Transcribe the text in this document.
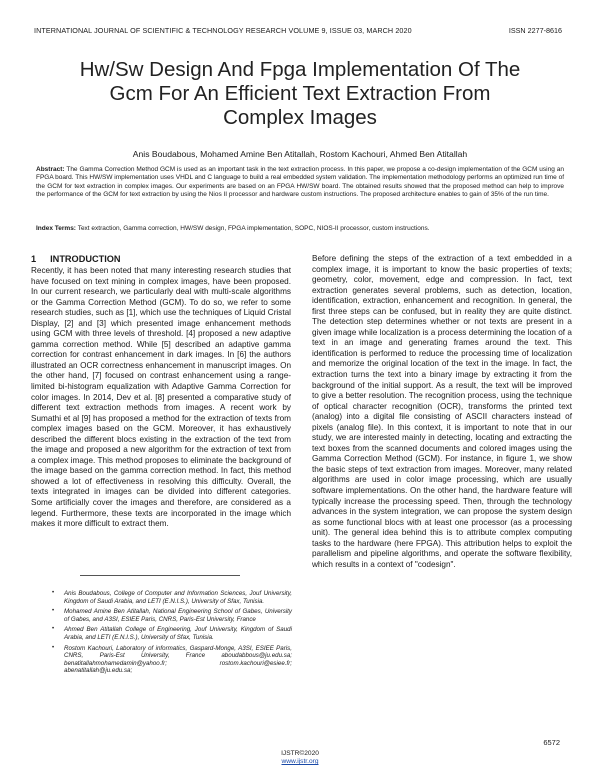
INTERNATIONAL JOURNAL OF SCIENTIFIC & TECHNOLOGY RESEARCH VOLUME 9, ISSUE 03, MARCH 2020	ISSN 2277-8616
Hw/Sw Design And Fpga Implementation Of The
Gcm For An Efficient Text Extraction From
Complex Images
Anis Boudabous, Mohamed Amine Ben Atitallah, Rostom Kachouri, Ahmed Ben Atitallah
Abstract: The Gamma Correction Method GCM is used as an important task in the text extraction process. In this paper, we propose a co-design implementation of the GCM using an FPGA board. This HW/SW implementation uses VHDL and C language to build a real embedded system validation. The implementation methodology performs an optimized run time of the GCM for text extraction in complex images. Our experiments are based on an FPGA HW/SW board. The obtained results showed that the proposed method can help to improve the performance of the GCM for text extraction by using the Nios II processor and hardware custom instructions. The proposed architecture enables to gain of 35% of the run time.
Index Terms: Text extraction, Gamma correction, HW/SW design, FPGA implementation, SOPC, NIOS-II processor, custom instructions.
1 INTRODUCTION

Recently, it has been noted that many interesting research studies that have focused on text mining in complex images, have been proposed. In our current research, we particularly deal with multi-scale algorithms or the Gamma Correction Method (GCM). To do so, we refer to some research studies, such as [1], which use the techniques of Liquid Cristal Display, [2] and [3] which presented image enhancement methods using GCM with three levels of threshold. [4] proposed a new adaptive gamma correction method. While [5] described an adaptive gamma correction for contrast enhancement in dark images. In [6] the authors illustrated an OCR correctness enhancement in manuscript images. On the other hand, [7] focused on contrast enhancement using a range-limited bi-histogram equalization with Adaptive Gamma Correction for color images. In 2014, Dev et al. [8] presented a comparative study of different text extraction methods from images. A recent work by Sumathi et al [9] has proposed a method for the extraction of texts from complex images based on the GCM. Moreover, it has exhaustively described the different blocs existing in the extraction of the text from the image and proposed a new algorithm for the extraction of text from a complex image. This method proposes to eliminate the background of the image based on the gamma correction method. In fact, this method showed a lot of effectiveness in resolving this difficulty. Overall, the texts integrated in images can be divided into different categories. Some artificially cover the images and therefore, are considered as a legend. Furthermore, these texts are incorporated in the image which makes it more difficult to extract them.

Before defining the steps of the extraction of a text embedded in a complex image, it is important to know the basic properties of texts; geometry, color, movement, edge and compression. In fact, text extraction generates several problems, such as detection, location, identification, extraction, enhancement and recognition. In general, the first three steps can be confused, but in reality they are quite distinct. The detection step determines whether or not texts are present in a given image while localization is a process determining the location of a text in an image and generating frames around the text. This identification is performed to reduce the processing time of localization and memorize the original location of the text in the image. In fact, the extraction turns the text into a binary image by extracting it from the background of the initial support. As a result, the text will be improved to give a better resolution. The recognition process, using the technique of optical character recognition (OCR), transforms the printed text (analog) into a digital file consisting of ASCII characters instead of pixels (analog file). In this context, it is important to note that in our study, we are interested mainly in detecting, locating and extracting the text boxes from the scanned documents and colored images using the Gamma Correction Method (GCM). For instance, in figure 1, we show the basic steps of text extraction from images. Moreover, many related algorithms are used in color image processing, which are usually software implementations. On the other hand, the hardware feature will typically increase the processing speed. Then, through the technology advances in the system integration, we can propose the system design as some functional blocs with at least one processor (as a processing unit). The general idea behind this is to attribute complex computing tasks to the hardware (here FPGA). This attribution helps to exploit the parallelism and pipeline algorithms, and operate the software flexibility, which results in a context of "codesign".

• Anis Boudabous, College of Computer and Information Sciences, Jouf University, Kingdom of Saudi Arabia, and LETI (E.N.I.S.), University of Sfax, Tunisia.
• Mohamed Amine Ben Atitallah, National Engineering School of Gabes, University of Gabes, and A3SI, ESIEE Paris, CNRS, Paris-Est University, France
• Ahmed Ben Atitallah College of Engineering, Jouf University, Kingdom of Saudi Arabia, and LETI (E.N.I.S.), University of Sfax, Tunisia.
• Rostom Kachouri, Laboratory of informatics, Gaspard-Monge, A3SI, ESIEE Paris, CNRS, Paris-Est University, France aboudabbous@ju.edu.sa; benatitallahmohamedamin@yahoo.fr; rostom.kachouri@esiee.fr; abenatitallah@ju.edu.sa;
6572
IJSTR©2020
www.ijstr.org
